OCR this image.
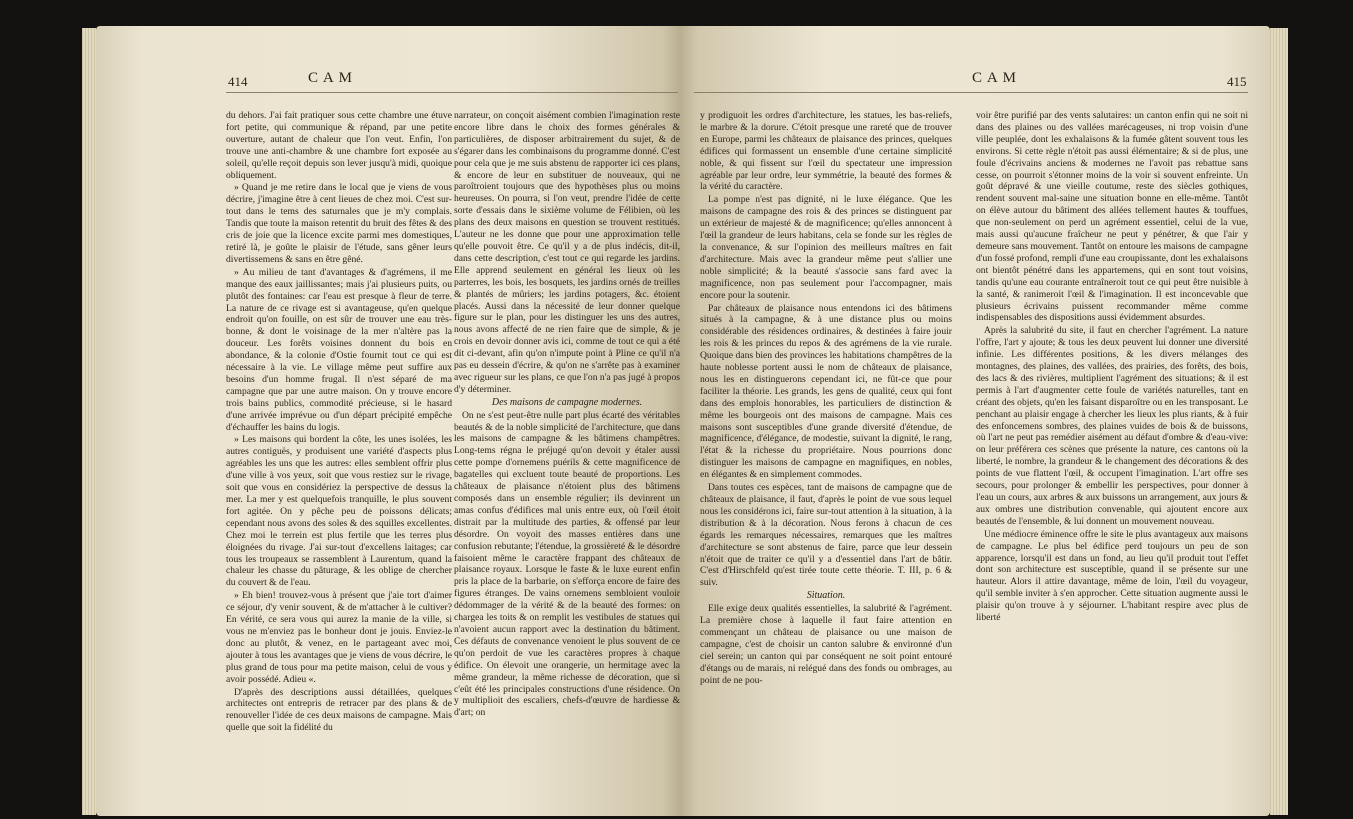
414	C A M

du dehors. J'ai fait pratiquer sous cette chambre une étuve fort petite, qui communique & répand, par une petite ouverture, autant de chaleur que l'on veut. Enfin, l'on trouve une anti-chambre & une chambre fort exposée au soleil, qu'elle reçoit depuis son lever jusqu'à midi, quoique obliquement.

» Quand je me retire dans le local que je viens de vous décrire, j'imagine être à cent lieues de chez moi. C'est sur-tout dans le tems des saturnales que je m'y complais. Tandis que toute la maison retentit du bruit des fêtes & des cris de joie que la licence excite parmi mes domestiques, retiré là, je goûte le plaisir de l'étude, sans gêner leurs divertissemens & sans en être gêné.

» Au milieu de tant d'avantages & d'agrémens, il me manque des eaux jaillissantes; mais j'ai plusieurs puits, ou plutôt des fontaines: car l'eau est presque à fleur de terre. La nature de ce rivage est si avantageuse, qu'en quelque endroit qu'on fouille, on est sûr de trouver une eau très-bonne, & dont le voisinage de la mer n'altère pas la douceur. Les forêts voisines donnent du bois en abondance, & la colonie d'Ostie fournit tout ce qui est nécessaire à la vie. Le village même peut suffire aux besoins d'un homme frugal. Il n'est séparé de ma campagne que par une autre maison. On y trouve encore trois bains publics, commodité précieuse, si le hasard d'une arrivée imprévue ou d'un départ précipité empêche d'échauffer les bains du logis.

» Les maisons qui bordent la côte, les unes isolées, les autres contiguës, y produisent une variété d'aspects plus agréables les uns que les autres: elles semblent offrir plus d'une ville à vos yeux, soit que vous restiez sur le rivage, soit que vous en considériez la perspective de dessus la mer. La mer y est quelquefois tranquille, le plus souvent fort agitée. On y pêche peu de poissons délicats; cependant nous avons des soles & des squilles excellentes. Chez moi le terrein est plus fertile que les terres plus éloignées du rivage. J'ai sur-tout d'excellens laitages; car tous les troupeaux se rassemblent à Laurentum, quand la chaleur les chasse du pâturage, & les oblige de chercher du couvert & de l'eau.

» Eh bien! trouvez-vous à présent que j'aie tort d'aimer ce séjour, d'y venir souvent, & de m'attacher à le cultiver? En vérité, ce sera vous qui aurez la manie de la ville, si vous ne m'enviez pas le bonheur dont je jouis. Enviez-le donc au plutôt, & venez, en le partageant avec moi, ajouter à tous les avantages que je viens de vous décrire, le plus grand de tous pour ma petite maison, celui de vous y avoir possédé. Adieu «.

D'après des descriptions aussi détaillées, quelques architectes ont entrepris de retracer par des plans & de renouveller l'idée de ces deux maisons de campagne. Mais quelle que soit la fidélité du

narrateur, on conçoit aisément combien l'imagination reste encore libre dans le choix des formes générales & particulières, de disposer arbitrairement du sujet, & de s'égarer dans les combinaisons du programme donné. C'est pour cela que je me suis abstenu de rapporter ici ces plans, & encore de leur en substituer de nouveaux, qui ne paroîtroient toujours que des hypothèses plus ou moins heureuses. On pourra, si l'on veut, prendre l'idée de cette sorte d'essais dans le sixième volume de Félibien, où les plans des deux maisons en question se trouvent restitués. L'auteur ne les donne que pour une approximation telle qu'elle pouvoit être. Ce qu'il y a de plus indécis, dit-il, dans cette description, c'est tout ce qui regarde les jardins. Elle apprend seulement en général les lieux où les parterres, les bois, les bosquets, les jardins ornés de treilles & plantés de mûriers; les jardins potagers, &c. étoient placés. Aussi dans la nécessité de leur donner quelque figure sur le plan, pour les distinguer les uns des autres, nous avons affecté de ne rien faire que de simple, & je crois en devoir donner avis ici, comme de tout ce qui a été dit ci-devant, afin qu'on n'impute point à Pline ce qu'il n'a pas eu dessein d'écrire, & qu'on ne s'arrête pas à examiner avec rigueur sur les plans, ce que l'on n'a pas jugé à propos d'y déterminer.

Des maisons de campagne modernes.

On ne s'est peut-être nulle part plus écarté des véritables beautés & de la noble simplicité de l'architecture, que dans les maisons de campagne & les bâtimens champêtres. Long-tems régna le préjugé qu'on devoit y étaler aussi cette pompe d'ornemens puérils & cette magnificence de bagatelles qui excluent toute beauté de proportions. Les châteaux de plaisance n'étoient plus des bâtimens composés dans un ensemble régulier; ils devinrent un amas confus d'édifices mal unis entre eux, où l'œil étoit distrait par la multitude des parties, & offensé par leur désordre. On voyoit des masses entières dans une confusion rebutante; l'étendue, la grossièreté & le désordre faisoient même le caractère frappant des châteaux de plaisance royaux. Lorsque le faste & le luxe eurent enfin pris la place de la barbarie, on s'efforça encore de faire des figures étranges. De vains ornemens sembloient vouloir dédommager de la vérité & de la beauté des formes: on chargea les toits & on remplit les vestibules de statues qui n'avoient aucun rapport avec la destination du bâtiment. Ces défauts de convenance venoient le plus souvent de ce qu'on perdoit de vue les caractères propres à chaque édifice. On élevoit une orangerie, un hermitage avec la même grandeur, la même richesse de décoration, que si c'eût été les principales constructions d'une résidence. On y multiplioit des escaliers, chefs-d'œuvre de hardiesse & d'art; on

C A M	415

y prodiguoit les ordres d'architecture, les statues, les bas-reliefs, le marbre & la dorure. C'étoit presque une rareté que de trouver en Europe, parmi les châteaux de plaisance des princes, quelques édifices qui formassent un ensemble d'une certaine simplicité noble, & qui fissent sur l'œil du spectateur une impression agréable par leur ordre, leur symmétrie, la beauté des formes & la vérité du caractère.

La pompe n'est pas dignité, ni le luxe élégance. Que les maisons de campagne des rois & des princes se distinguent par un extérieur de majesté & de magnificence; qu'elles annoncent à l'œil la grandeur de leurs habitans, cela se fonde sur les règles de la convenance, & sur l'opinion des meilleurs maîtres en fait d'architecture. Mais avec la grandeur même peut s'allier une noble simplicité; & la beauté s'associe sans fard avec la magnificence, non pas seulement pour l'accompagner, mais encore pour la soutenir.

Par châteaux de plaisance nous entendons ici des bâtimens situés à la campagne, & à une distance plus ou moins considérable des résidences ordinaires, & destinées à faire jouir les rois & les princes du repos & des agrémens de la vie rurale. Quoique dans bien des provinces les habitations champêtres de la haute noblesse portent aussi le nom de châteaux de plaisance, nous les en distinguerons cependant ici, ne fût-ce que pour faciliter la théorie. Les grands, les gens de qualité, ceux qui font dans des emplois honorables, les particuliers de distinction & même les bourgeois ont des maisons de campagne. Mais ces maisons sont susceptibles d'une grande diversité d'étendue, de magnificence, d'élégance, de modestie, suivant la dignité, le rang, l'état & la richesse du propriétaire. Nous pourrions donc distinguer les maisons de campagne en magnifiques, en nobles, en élégantes & en simplement commodes.

Dans toutes ces espèces, tant de maisons de campagne que de châteaux de plaisance, il faut, d'après le point de vue sous lequel nous les considérons ici, faire sur-tout attention à la situation, à la distribution & à la décoration. Nous ferons à chacun de ces égards les remarques nécessaires, remarques que les maîtres d'architecture se sont abstenus de faire, parce que leur dessein n'étoit que de traiter ce qu'il y a d'essentiel dans l'art de bâtir. C'est d'Hirschfeld qu'est tirée toute cette théorie. T. III, p. 6 & suiv.

Situation.

Elle exige deux qualités essentielles, la salubrité & l'agrément. La première chose à laquelle il faut faire attention en commençant un château de plaisance ou une maison de campagne, c'est de choisir un canton salubre & environné d'un ciel serein; un canton qui par conséquent ne soit point entouré d'étangs ou de marais, ni relégué dans des fonds ou ombrages, au point de ne pou-

voir être purifié par des vents salutaires: un canton enfin qui ne soit ni dans des plaines ou des vallées marécageuses, ni trop voisin d'une ville peuplée, dont les exhalaisons & la fumée gâtent souvent tous les environs. Si cette règle n'étoit pas aussi élémentaire; & si de plus, une foule d'écrivains anciens & modernes ne l'avoit pas rebattue sans cesse, on pourroit s'étonner moins de la voir si souvent enfreinte. Un goût dépravé & une vieille coutume, reste des siècles gothiques, rendent souvent mal-saine une situation bonne en elle-même. Tantôt on élève autour du bâtiment des allées tellement hautes & touffues, que non-seulement on perd un agrément essentiel, celui de la vue, mais aussi qu'aucune fraîcheur ne peut y pénétrer, & que l'air y demeure sans mouvement. Tantôt on entoure les maisons de campagne d'un fossé profond, rempli d'une eau croupissante, dont les exhalaisons ont bientôt pénétré dans les appartemens, qui en sont tout voisins, tandis qu'une eau courante entraîneroit tout ce qui peut être nuisible à la santé, & ranimeroit l'œil & l'imagination. Il est inconcevable que plusieurs écrivains puissent recommander même comme indispensables des dispositions aussi évidemment absurdes.

Après la salubrité du site, il faut en chercher l'agrément. La nature l'offre, l'art y ajoute; & tous les deux peuvent lui donner une diversité infinie. Les différentes positions, & les divers mélanges des montagnes, des plaines, des vallées, des prairies, des forêts, des bois, des lacs & des rivières, multiplient l'agrément des situations; & il est permis à l'art d'augmenter cette foule de variétés naturelles, tant en créant des objets, qu'en les faisant disparoître ou en les transposant. Le penchant au plaisir engage à chercher les lieux les plus riants, & à fuir des enfoncemens sombres, des plaines vuides de bois & de buissons, où l'art ne peut pas remédier aisément au défaut d'ombre & d'eau-vive: on leur préférera ces scènes que présente la nature, ces cantons où la liberté, le nombre, la grandeur & le changement des décorations & des points de vue flattent l'œil, & occupent l'imagination. L'art offre ses secours, pour prolonger & embellir les perspectives, pour donner à l'eau un cours, aux arbres & aux buissons un arrangement, aux jours & aux ombres une distribution convenable, qui ajoutent encore aux beautés de l'ensemble, & lui donnent un mouvement nouveau.

Une médiocre éminence offre le site le plus avantageux aux maisons de campagne. Le plus bel édifice perd toujours un peu de son apparence, lorsqu'il est dans un fond, au lieu qu'il produit tout l'effet dont son architecture est susceptible, quand il se présente sur une hauteur. Alors il attire davantage, même de loin, l'œil du voyageur, qu'il semble inviter à s'en approcher. Cette situation augmente aussi le plaisir qu'on trouve à y séjourner. L'habitant respire avec plus de liberté
